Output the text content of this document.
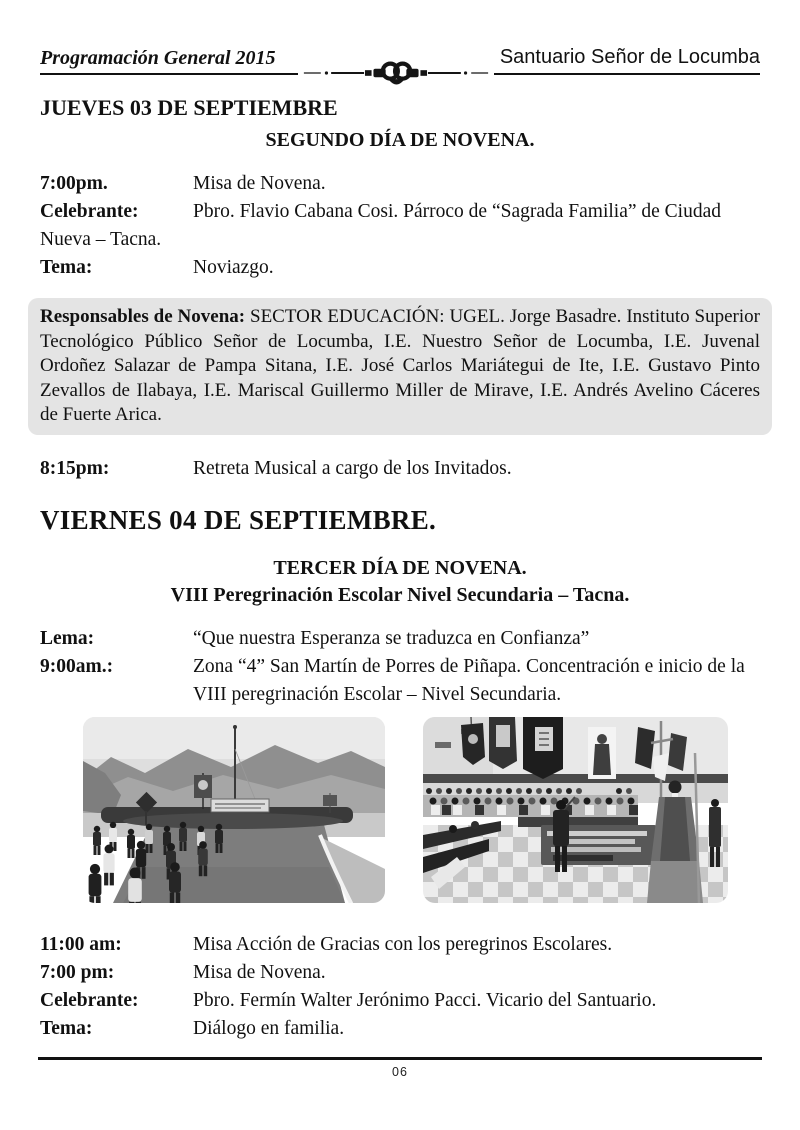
Programación General 2015	Santuario Señor de Locumba
JUEVES 03 DE SEPTIEMBRE
SEGUNDO DÍA DE NOVENA.
7:00pm.	Misa de Novena.
Celebrante:	Pbro. Flavio Cabana Cosi. Párroco de “Sagrada Familia” de Ciudad Nueva – Tacna.
Tema:	Noviazgo.
Responsables de Novena: SECTOR EDUCACIÓN: UGEL. Jorge Basadre. Instituto Superior Tecnológico Público Señor de Locumba, I.E. Nuestro Señor de Locumba, I.E. Juvenal Ordoñez Salazar de Pampa Sitana, I.E. José Carlos Mariátegui de Ite, I.E. Gustavo Pinto Zevallos de Ilabaya, I.E. Mariscal Guillermo Miller de Mirave, I.E. Andrés Avelino Cáceres de Fuerte Arica.
8:15pm:	Retreta Musical a cargo de los Invitados.
VIERNES 04 DE SEPTIEMBRE.
TERCER DÍA DE NOVENA.
VIII Peregrinación Escolar Nivel Secundaria – Tacna.
Lema:	“Que nuestra Esperanza se traduzca en Confianza”
9:00am.:	Zona “4” San Martín de Porres de Piñapa. Concentración e inicio de la VIII peregrinación Escolar – Nivel Secundaria.
11:00 am:	Misa Acción de Gracias con los peregrinos Escolares.
7:00 pm:	Misa de Novena.
Celebrante:	Pbro. Fermín Walter Jerónimo Pacci. Vicario del Santuario.
Tema:	Diálogo en familia.
06
